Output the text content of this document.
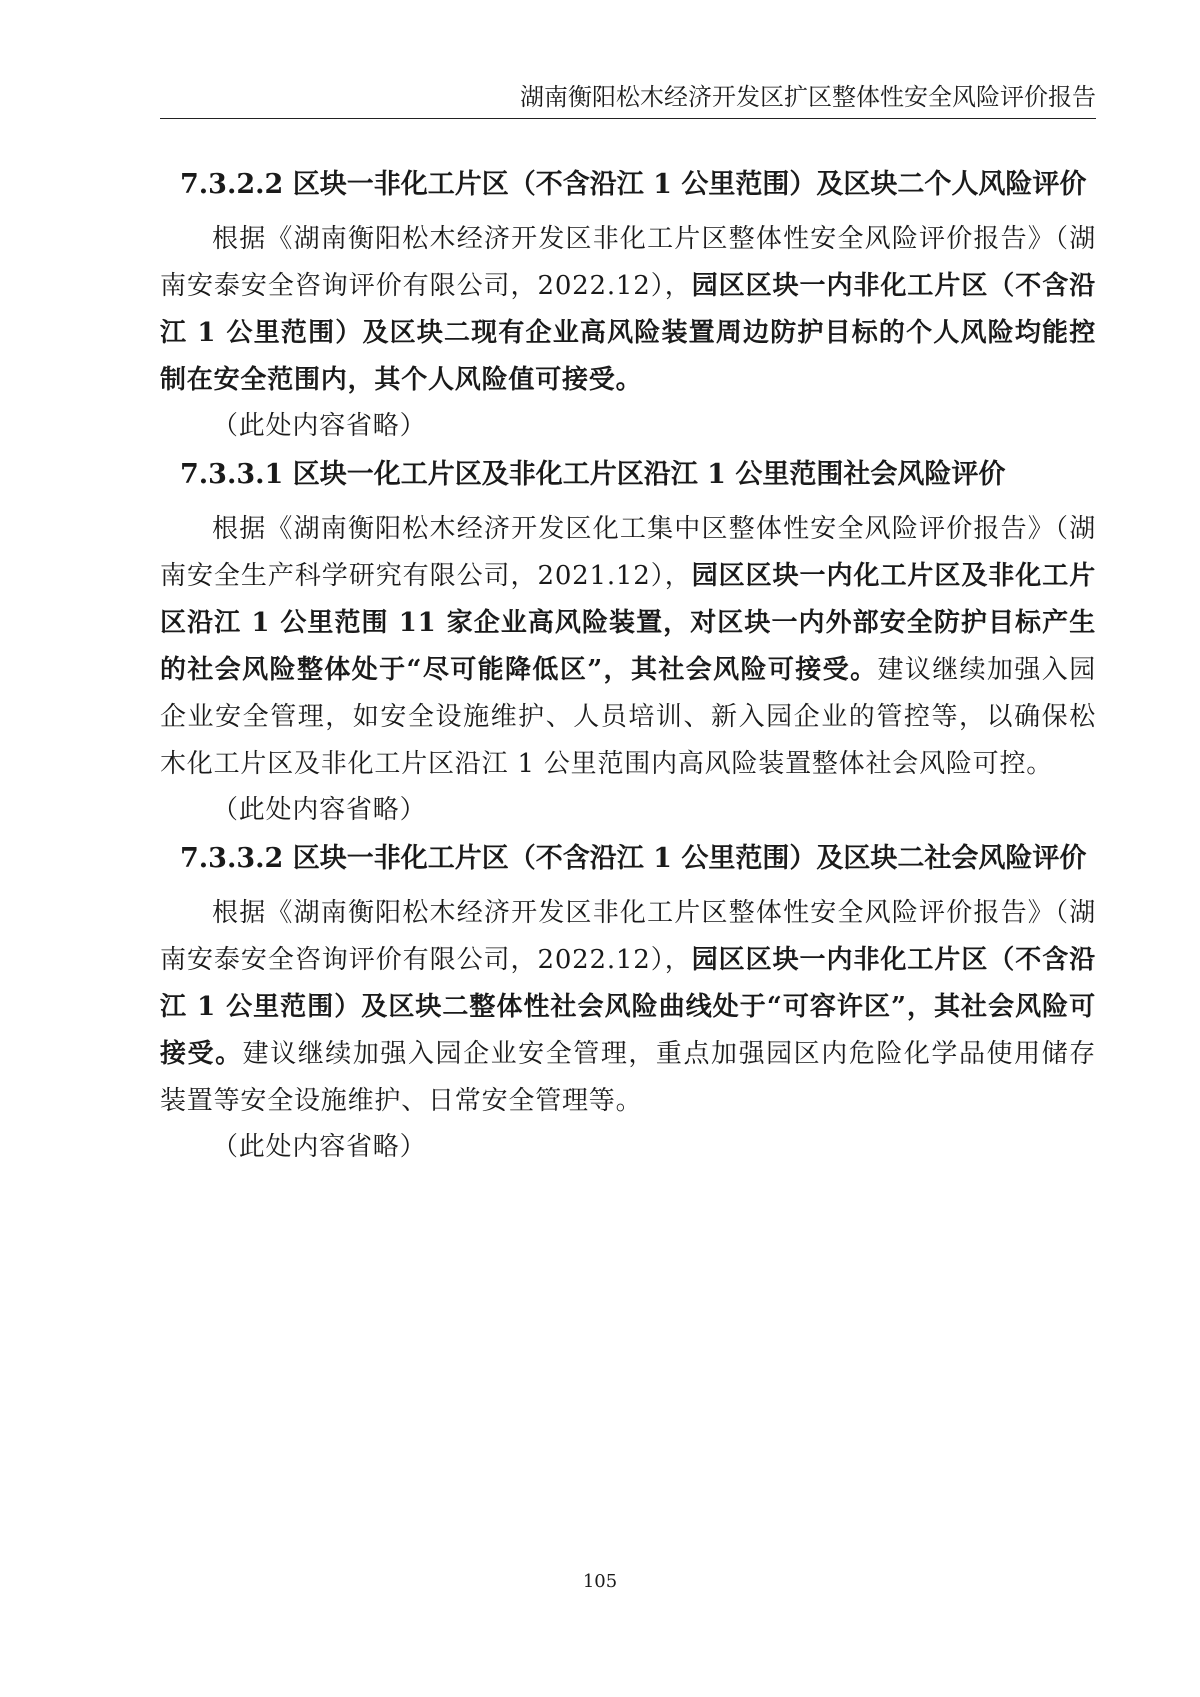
湖南衡阳松木经济开发区扩区整体性安全风险评价报告

7.3.2.2 区块一非化工片区（不含沿江 1 公里范围）及区块二个人风险评价

根据《湖南衡阳松木经济开发区非化工片区整体性安全风险评价报告》（湖南安泰安全咨询评价有限公司，2022.12），园区区块一内非化工片区（不含沿江 1 公里范围）及区块二现有企业高风险装置周边防护目标的个人风险均能控制在安全范围内，其个人风险值可接受。

（此处内容省略）

7.3.3.1 区块一化工片区及非化工片区沿江 1 公里范围社会风险评价

根据《湖南衡阳松木经济开发区化工集中区整体性安全风险评价报告》（湖南安全生产科学研究有限公司，2021.12），园区区块一内化工片区及非化工片区沿江 1 公里范围 11 家企业高风险装置，对区块一内外部安全防护目标产生的社会风险整体处于“尽可能降低区”，其社会风险可接受。建议继续加强入园企业安全管理，如安全设施维护、人员培训、新入园企业的管控等，以确保松木化工片区及非化工片区沿江 1 公里范围内高风险装置整体社会风险可控。

（此处内容省略）

7.3.3.2 区块一非化工片区（不含沿江 1 公里范围）及区块二社会风险评价

根据《湖南衡阳松木经济开发区非化工片区整体性安全风险评价报告》（湖南安泰安全咨询评价有限公司，2022.12），园区区块一内非化工片区（不含沿江 1 公里范围）及区块二整体性社会风险曲线处于“可容许区”，其社会风险可接受。建议继续加强入园企业安全管理，重点加强园区内危险化学品使用储存装置等安全设施维护、日常安全管理等。

（此处内容省略）

105
